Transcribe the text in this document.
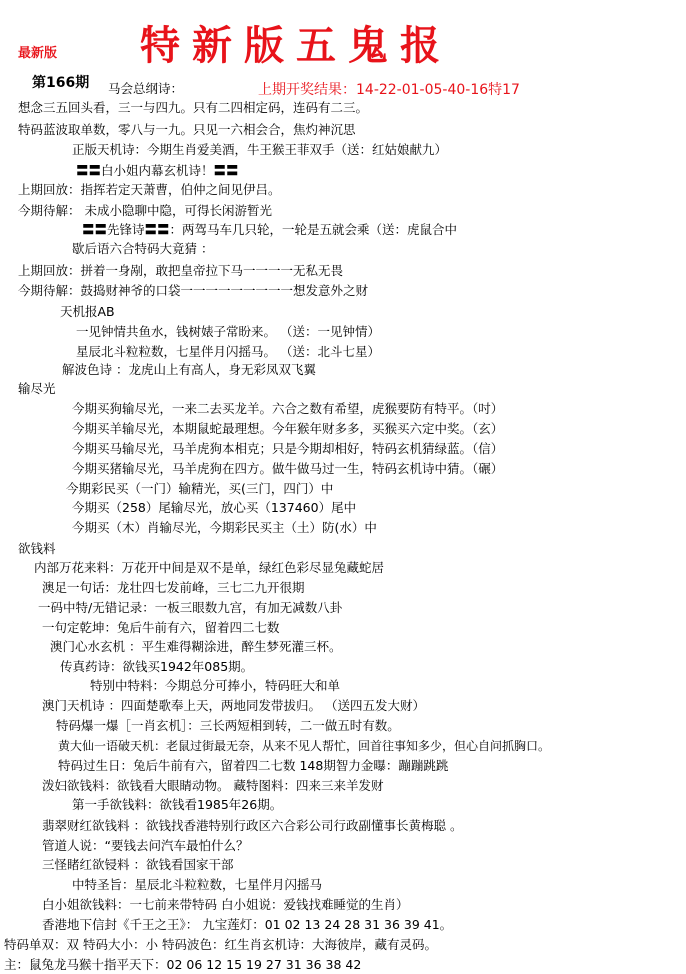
最新版 特新版五鬼报
第166期	上期开奖结果：14-22-01-05-40-16特17
马会总纲诗：
想念三五回头看，三一与四九。只有二四相定码，连码有二三。
特码蓝波取单数，零八与一九。只见一六相会合，焦灼神沉思
正版天机诗：今期生肖爱美酒，牛王猴王菲双手（送：红姑娘献九）
〓〓白小姐内幕玄机诗！〓〓
上期回放：指挥若定天萧曹，伯仲之间见伊吕。
今期待解： 未成小隐聊中隐，可得长闲游暂光
〓〓先锋诗〓〓：两驾马车几只轮，一轮是五就会乘（送：虎鼠合中
歇后语六合特码大竟猜 ：
上期回放：拼着一身剐，敢把皇帝拉下马一一一一无私无畏
今期待解：鼓捣财神爷的口袋一一一一一一一一一想发意外之财
天机报AB
一见钟情共鱼水，钱树婊子常盼来。 （送：一见钟情）
星辰北斗粒粒数，七星伴月闪摇马。 （送：北斗七星）
解波色诗 ：龙虎山上有高人，身无彩凤双飞翼
输尽光
今期买狗输尽光，一来二去买龙羊。六合之数有希望，虎猴要防有特平。（吋）
今期买羊输尽光，本期鼠蛇最理想。今年猴年财多多，买猴买六定中奖。（玄）
今期买马输尽光，马羊虎狗本相克；只是今期却相好，特码玄机猜绿蓝。（信）
今期买猪输尽光，马羊虎狗在四方。做牛做马过一生，特码玄机诗中猜。（碾）
今期彩民买（一门）输精光，买(三门，四门）中
今期买（258）尾输尽光，放心买（137460）尾中
今期买（木）肖输尽光，今期彩民买主（土）防(水）中
欲钱料
内部万花来料：万花开中间是双不是单，绿红色彩尽显兔藏蛇居
澳足一句话：龙壮四七发前峰，三七二九开很期
一码中特/无错记录：一板三眼数九宫，有加无减数八卦
一句定乾坤：兔后牛前有六，留着四二七数
澳门心水玄机 ：平生难得糊涂进，醉生梦死灌三杯。
传真药诗：欲钱买1942年085期。
特别中特料：今期总分可捧小，特码旺大和单
澳门天机诗 ：四面楚歌奉上天，两地同发带拔归。 （送四五发大财）
特码爆一爆［一肖玄机］：三长两短相到转，二一做五时有数。
黄大仙一语破天机：老鼠过街最无奈，从来不见人帮忙，回首往事知多少，但心自问抓胸口。
特码过生日：兔后牛前有六，留着四二七数 148期智力金曝：蹦蹦跳跳
泼妇欲钱料：欲钱看大眼睛动物。 藏特图料：四来三来羊发财
第一手欲钱料：欲钱看1985年26期。
翡翠财红欲钱料 ：欲钱找香港特别行政区六合彩公司行政副懂事长黄梅聪 。
管道人说：“要钱去问汽车最怕什么？
三怪睹红欲锓料 ：欲钱看国家干部
中特圣旨：星辰北斗粒粒数，七星伴月闪摇马
白小姐欲钱料：一七前来带特码 白小姐说：爱钱找难睡觉的生肖）
香港地下信封《千王之王》： 九宝莲灯：01 02 13 24 28 31 36 39 41。
特码单双：双 特码大小：小 特码波色：红生肖玄机诗：大海彼岸，藏有灵码。
主：鼠兔龙马猴十指平天下：02 06 12 15 19 27 31 36 38 42
